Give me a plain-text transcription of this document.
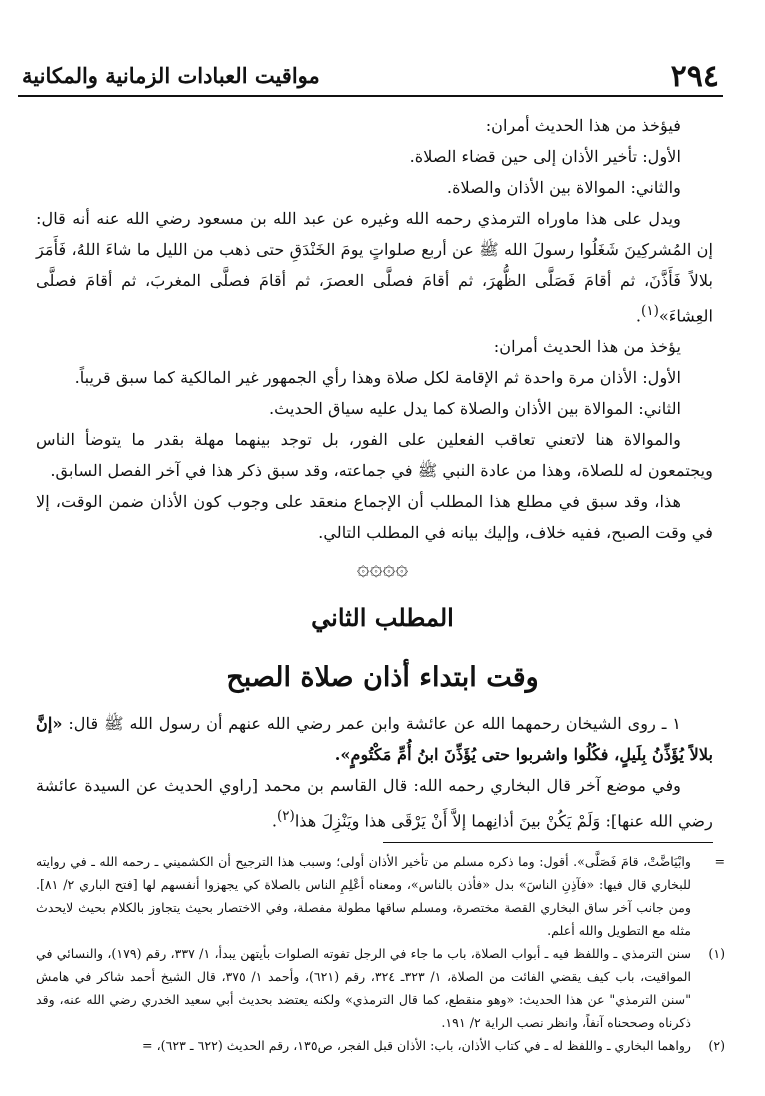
٢٩٤
مواقيت العبادات الزمانية والمكانية

فيؤخذ من هذا الحديث أمران:

الأول: تأخير الأذان إلى حين قضاء الصلاة.

والثاني: الموالاة بين الأذان والصلاة.

ويدل على هذا ماوراه الترمذي رحمه الله وغيره عن عبد الله بن مسعود رضي الله عنه أنه قال: إن المُشركِينَ شَغَلُوا رسولَ الله ﷺ عن أربع صلواتٍ يومَ الخَنْدَقِ حتى ذهب من الليل ما شاءَ اللهُ، فَأَمَرَ بلالاً فَأَذَّنَ، ثم أقامَ فَصَلَّى الظُّهرَ، ثم أقامَ فصلَّى العصرَ، ثم أقامَ فصلَّى المغربَ، ثم أقامَ فصلَّى العِشاءَ»$^{(١)}$.

يؤخذ من هذا الحديث أمران:

الأول: الأذان مرة واحدة ثم الإقامة لكل صلاة وهذا رأي الجمهور غير المالكية كما سبق قريباً.

الثاني: الموالاة بين الأذان والصلاة كما يدل عليه سياق الحديث.

والموالاة هنا لاتعني تعاقب الفعلين على الفور، بل توجد بينهما مهلة بقدر ما يتوضأ الناس ويجتمعون له للصلاة، وهذا من عادة النبي ﷺ في جماعته، وقد سبق ذكر هذا في آخر الفصل السابق.

هذا، وقد سبق في مطلع هذا المطلب أن الإجماع منعقد على وجوب كون الأذان ضمن الوقت، إلا في وقت الصبح، ففيه خلاف، وإليك بيانه في المطلب التالي.

۞۞۞۞
المطلب الثاني
وقت ابتداء أذان صلاة الصبح

١ ـ روى الشيخان رحمهما الله عن عائشة وابن عمر رضي الله عنهم أن رسول الله ﷺ قال: «إنَّ بلالاً يُؤَذِّنُ بِلَيلٍ، فكُلُوا واشربوا حتى يُؤَذِّنَ ابنُ أُمِّ مَكْتُومٍ».

وفي موضع آخر قال البخاري رحمه الله: قال القاسم بن محمد [راوي الحديث عن السيدة عائشة رضي الله عنها]: وَلَمْ يَكُنْ بينَ أذانِهما إلاَّ أَنْ يَرْقَى هذا ويَنْزِلَ هذا$^{(٢)}$.

=
وابْيَاضَّتْ، قامَ فَصَلَّى». أقول: وما ذكره مسلم من تأخير الأذان أولى؛ وسبب هذا الترجيح أن الكشميني ـ رحمه الله ـ في روايته للبخاري قال فيها: «فآذِنِ الناسَ» بدل «فأذن بالناس»، ومعناه أعْلِمِ الناس بالصلاة كي يجهزوا أنفسهم لها [فتح الباري ٢/ ٨١]. ومن جانب آخر ساق البخاري القصة مختصرة، ومسلم ساقها مطولة مفصلة، وفي الاختصار بحيث يتجاوز بالكلام بحيث لايحدث مثله مع التطويل والله أعلم.
(١)
سنن الترمذي ـ واللفظ فيه ـ أبواب الصلاة، باب ما جاء في الرجل تفوته الصلوات بأيتهن يبدأ، ١/ ٣٣٧، رقم (١٧٩)، والنسائي في المواقيت، باب كيف يقضي الفائت من الصلاة، ١/ ٣٢٣ـ ٣٢٤، رقم (٦٢١)، وأحمد ١/ ٣٧٥، قال الشيخ أحمد شاكر في هامش "سنن الترمذي" عن هذا الحديث: «وهو منقطع، كما قال الترمذي» ولكنه يعتضد بحديث أبي سعيد الخدري رضي الله عنه، وقد ذكرناه وصححناه آنفاً، وانظر نصب الراية ٢/ ١٩١.
(٢)
رواهما البخاري ـ واللفظ له ـ في كتاب الأذان، باب: الأذان قبل الفجر، ص١٣٥، رقم الحديث (٦٢٢ ـ ٦٢٣)، =
